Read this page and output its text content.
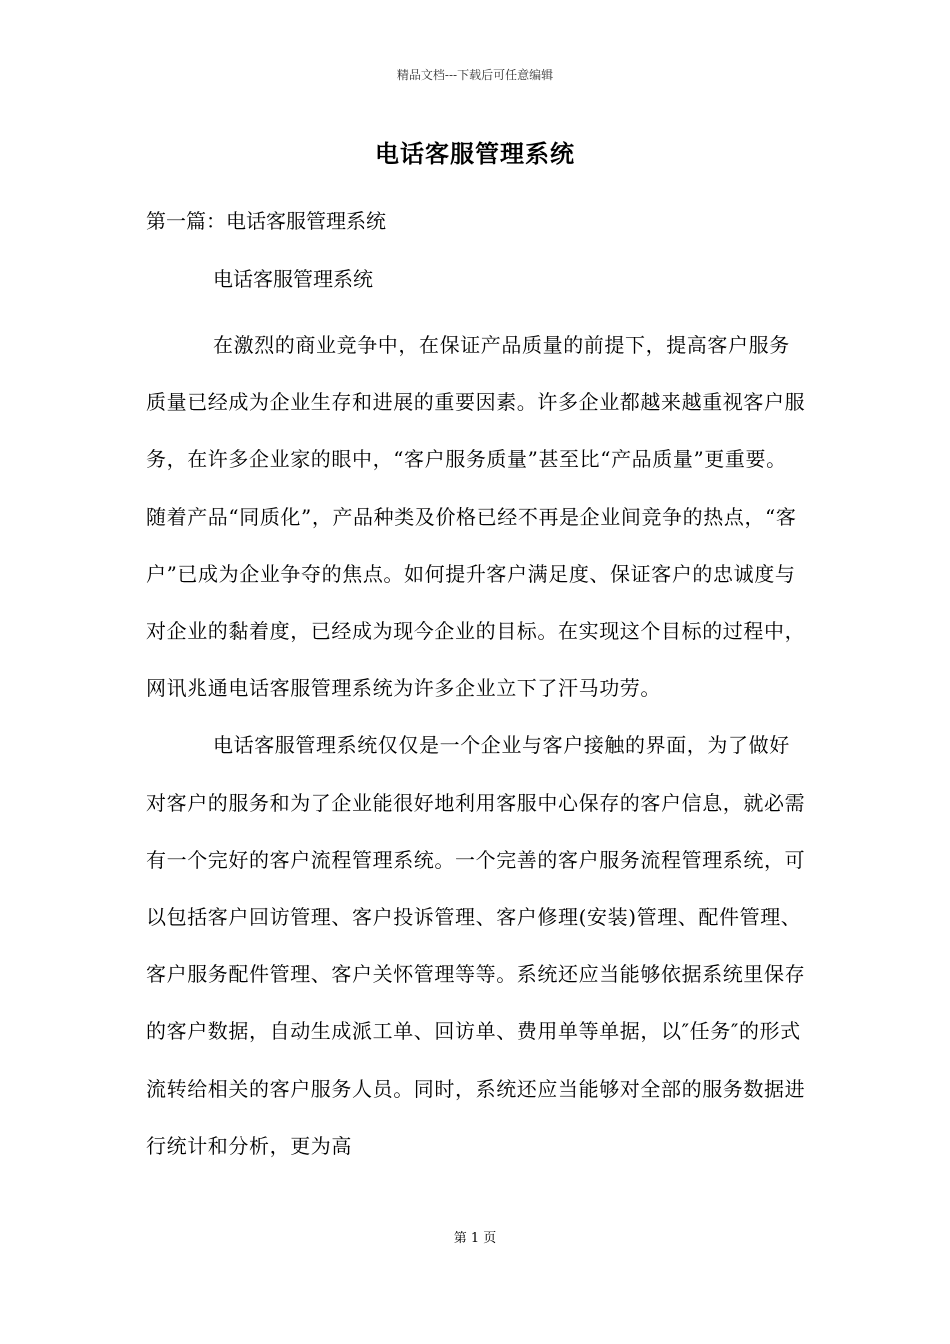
精品文档---下载后可任意编辑
电话客服管理系统
第一篇：电话客服管理系统
电话客服管理系统

在激烈的商业竞争中，在保证产品质量的前提下，提高客户服务质量已经成为企业生存和进展的重要因素。许多企业都越来越重视客户服务，在许多企业家的眼中，“客户服务质量”甚至比“产品质量”更重要。随着产品“同质化”，产品种类及价格已经不再是企业间竞争的热点，“客户”已成为企业争夺的焦点。如何提升客户满足度、保证客户的忠诚度与对企业的黏着度，已经成为现今企业的目标。在实现这个目标的过程中，网讯兆通电话客服管理系统为许多企业立下了汗马功劳。

电话客服管理系统仅仅是一个企业与客户接触的界面，为了做好对客户的服务和为了企业能很好地利用客服中心保存的客户信息，就必需有一个完好的客户流程管理系统。一个完善的客户服务流程管理系统，可以包括客户回访管理、客户投诉管理、客户修理(安装)管理、配件管理、客户服务配件管理、客户关怀管理等等。系统还应当能够依据系统里保存的客户数据，自动生成派工单、回访单、费用单等单据，以″任务″的形式流转给相关的客户服务人员。同时，系统还应当能够对全部的服务数据进行统计和分析，更为高

第 1 页
